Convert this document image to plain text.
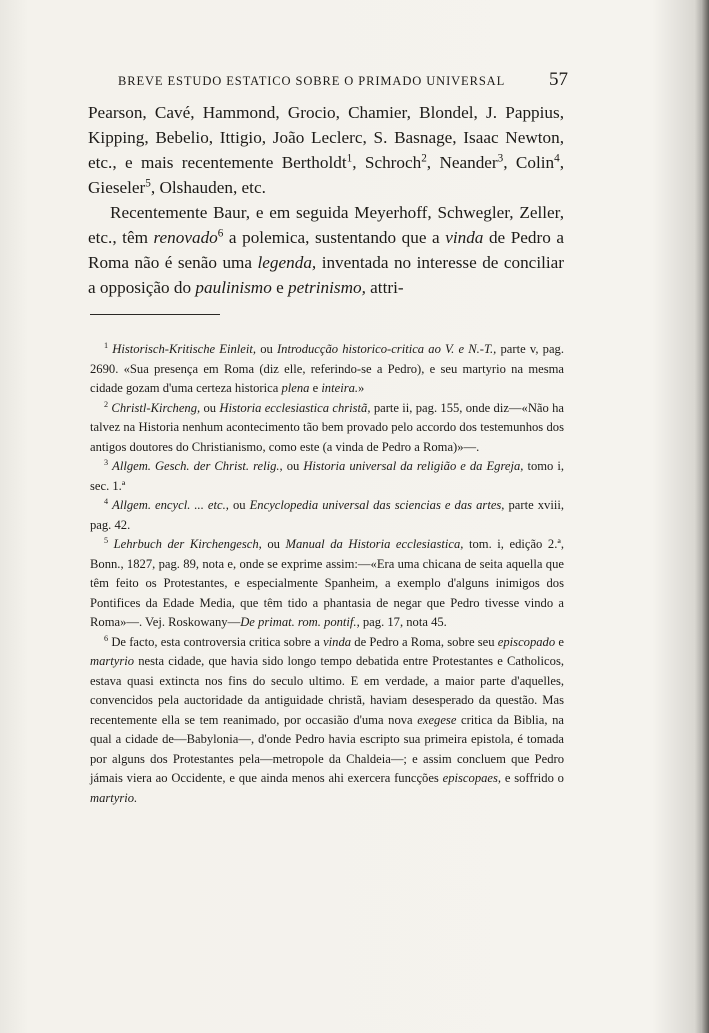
BREVE ESTUDO ESTATICO SOBRE O PRIMADO UNIVERSAL 57

Pearson, Cavé, Hammond, Grocio, Chamier, Blondel, J. Pappius, Kipping, Bebelio, Ittigio, João Leclerc, S. Basnage, Isaac Newton, etc., e mais recentemente Bertholdt$^1$, Schroch$^2$, Neander$^3$, Colin$^4$, Gieseler$^5$, Olshauden, etc.

Recentemente Baur, e em seguida Meyerhoff, Schwegler, Zeller, etc., têm renovado$^6$ a polemica, sustentando que a vinda de Pedro a Roma não é senão uma legenda, inventada no interesse de conciliar a opposição do paulinismo e petrinismo, attri-

$^1$ Historisch-Kritische Einleit, ou Introducção historico-critica ao V. e N.-T., parte v, pag. 2690. «Sua presença em Roma (diz elle, referindo-se a Pedro), e seu martyrio na mesma cidade gozam d'uma certeza historica plena e inteira.»

$^2$ Christl-Kircheng, ou Historia ecclesiastica christã, parte ii, pag. 155, onde diz—«Não ha talvez na Historia nenhum acontecimento tão bem provado pelo accordo dos testemunhos dos antigos doutores do Christianismo, como este (a vinda de Pedro a Roma)»—.

$^3$ Allgem. Gesch. der Christ. relig., ou Historia universal da religião e da Egreja, tomo i, sec. 1.ª

$^4$ Allgem. encycl. ... etc., ou Encyclopedia universal das sciencias e das artes, parte xviii, pag. 42.

$^5$ Lehrbuch der Kirchengesch, ou Manual da Historia ecclesiastica, tom. i, edição 2.ª, Bonn., 1827, pag. 89, nota e, onde se exprime assim:—«Era uma chicana de seita aquella que têm feito os Protestantes, e especialmente Spanheim, a exemplo d'alguns inimigos dos Pontifices da Edade Media, que têm tido a phantasia de negar que Pedro tivesse vindo a Roma»—. Vej. Roskowany—De primat. rom. pontif., pag. 17, nota 45.

$^6$ De facto, esta controversia critica sobre a vinda de Pedro a Roma, sobre seu episcopado e martyrio nesta cidade, que havia sido longo tempo debatida entre Protestantes e Catholicos, estava quasi extincta nos fins do seculo ultimo. E em verdade, a maior parte d'aquelles, convencidos pela auctoridade da antiguidade christã, haviam desesperado da questão. Mas recentemente ella se tem reanimado, por occasião d'uma nova exegese critica da Biblia, na qual a cidade de—Babylonia—, d'onde Pedro havia escripto sua primeira epistola, é tomada por alguns dos Protestantes pela—metropole da Chaldeia—; e assim concluem que Pedro jámais viera ao Occidente, e que ainda menos ahi exercera funcções episcopaes, e soffrido o martyrio.
